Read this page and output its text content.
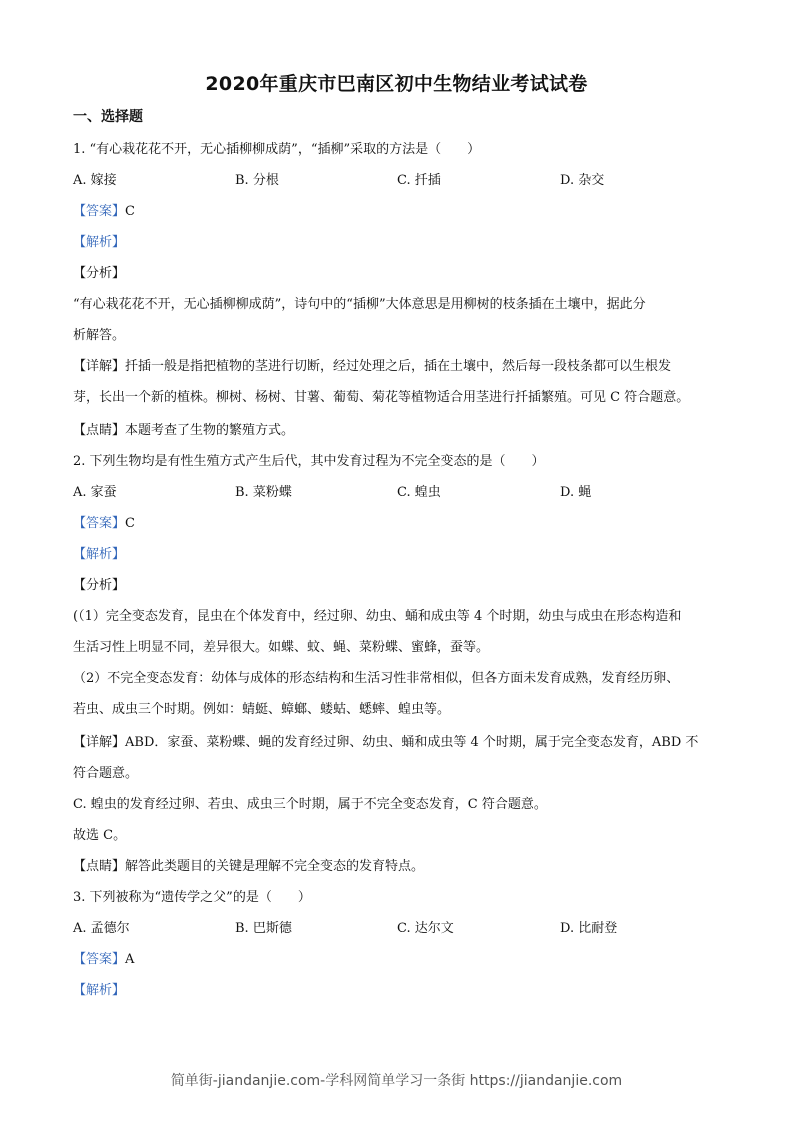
2020年重庆市巴南区初中生物结业考试试卷
一、选择题
1. “有心栽花花不开，无心插柳柳成荫”，“插柳”采取的方法是（　　）
A. 嫁接	B. 分根	C. 扦插	D. 杂交
【答案】C
【解析】
【分析】
“有心栽花花不开，无心插柳柳成荫”，诗句中的“插柳”大体意思是用柳树的枝条插在土壤中，据此分
析解答。
【详解】扦插一般是指把植物的茎进行切断，经过处理之后，插在土壤中，然后每一段枝条都可以生根发
芽，长出一个新的植株。柳树、杨树、甘薯、葡萄、菊花等植物适合用茎进行扦插繁殖。可见 C 符合题意。
【点睛】本题考查了生物的繁殖方式。
2. 下列生物均是有性生殖方式产生后代，其中发育过程为不完全变态的是（　　）
A. 家蚕	B. 菜粉蝶	C. 蝗虫	D. 蝇
【答案】C
【解析】
【分析】
(（1）完全变态发育，昆虫在个体发育中，经过卵、幼虫、蛹和成虫等 4 个时期，幼虫与成虫在形态构造和
生活习性上明显不同，差异很大。如蝶、蚊、蝇、菜粉蝶、蜜蜂，蚕等。
（2）不完全变态发育：幼体与成体的形态结构和生活习性非常相似，但各方面未发育成熟，发育经历卵、
若虫、成虫三个时期。例如：蜻蜓、蟑螂、蝼蛄、蟋蟀、蝗虫等。
【详解】ABD．家蚕、菜粉蝶、蝇的发育经过卵、幼虫、蛹和成虫等 4 个时期，属于完全变态发育，ABD 不
符合题意。
C. 蝗虫的发育经过卵、若虫、成虫三个时期，属于不完全变态发育，C 符合题意。
故选 C。
【点睛】解答此类题目的关键是理解不完全变态的发育特点。
3. 下列被称为“遗传学之父”的是（　　）
A. 孟德尔	B. 巴斯德	C. 达尔文	D. 比耐登
【答案】A
【解析】
简单街-jiandanjie.com-学科网简单学习一条街 https://jiandanjie.com
